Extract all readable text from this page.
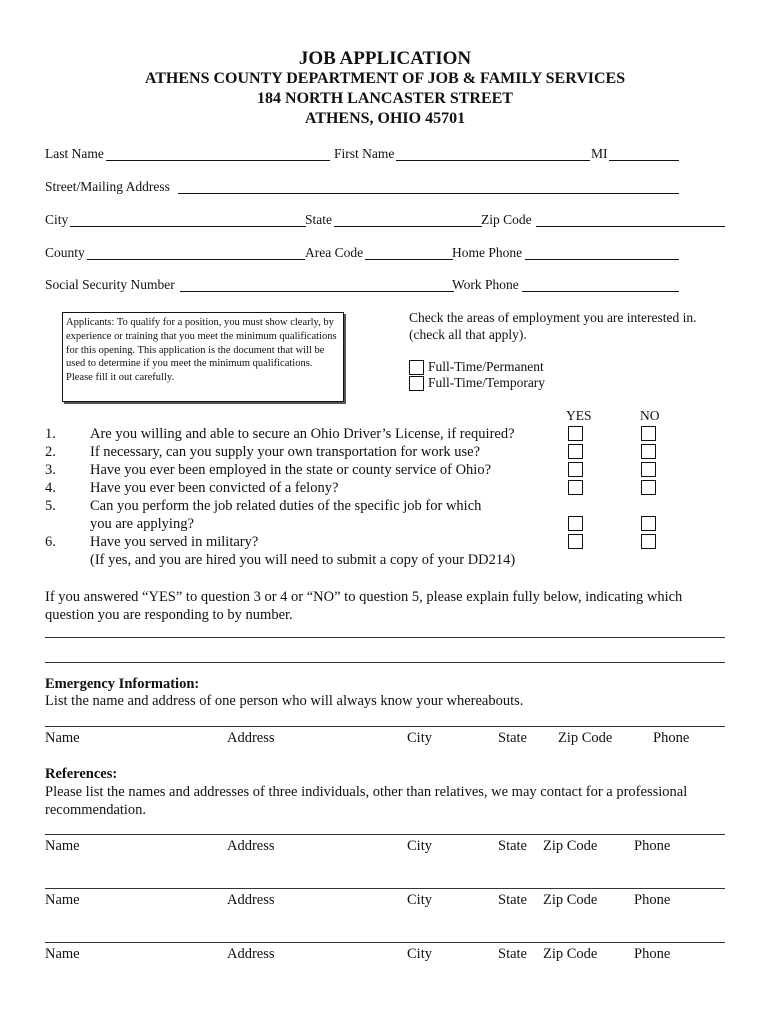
JOB APPLICATION
ATHENS COUNTY DEPARTMENT OF JOB & FAMILY SERVICES
184 NORTH LANCASTER STREET
ATHENS, OHIO 45701
Last Name	First Name	MI
Street/Mailing Address
City	State	Zip Code
County	Area Code	Home Phone
Social Security Number	Work Phone
Applicants: To qualify for a position, you must show clearly, by experience or training that you meet the minimum qualifications for this opening. This application is the document that will be used to determine if you meet the minimum qualifications. Please fill it out carefully.
Check the areas of employment you are interested in.
(check all that apply).
Full-Time/Permanent
Full-Time/Temporary
YES	NO
1. Are you willing and able to secure an Ohio Driver’s License, if required?
2. If necessary, can you supply your own transportation for work use?
3. Have you ever been employed in the state or county service of Ohio?
4. Have you ever been convicted of a felony?
5. Can you perform the job related duties of the specific job for which
you are applying?
6. Have you served in military?
(If yes, and you are hired you will need to submit a copy of your DD214)
If you answered “YES” to question 3 or 4 or “NO” to question 5, please explain fully below, indicating which
question you are responding to by number.
Emergency Information:
List the name and address of one person who will always know your whereabouts.
Name	Address	City	State Zip Code	Phone
References:
Please list the names and addresses of three individuals, other than relatives, we may contact for a professional
recommendation.
Name	Address	City	State Zip Code	Phone
Name	Address	City	State Zip Code	Phone
Name	Address	City	State Zip Code	Phone
